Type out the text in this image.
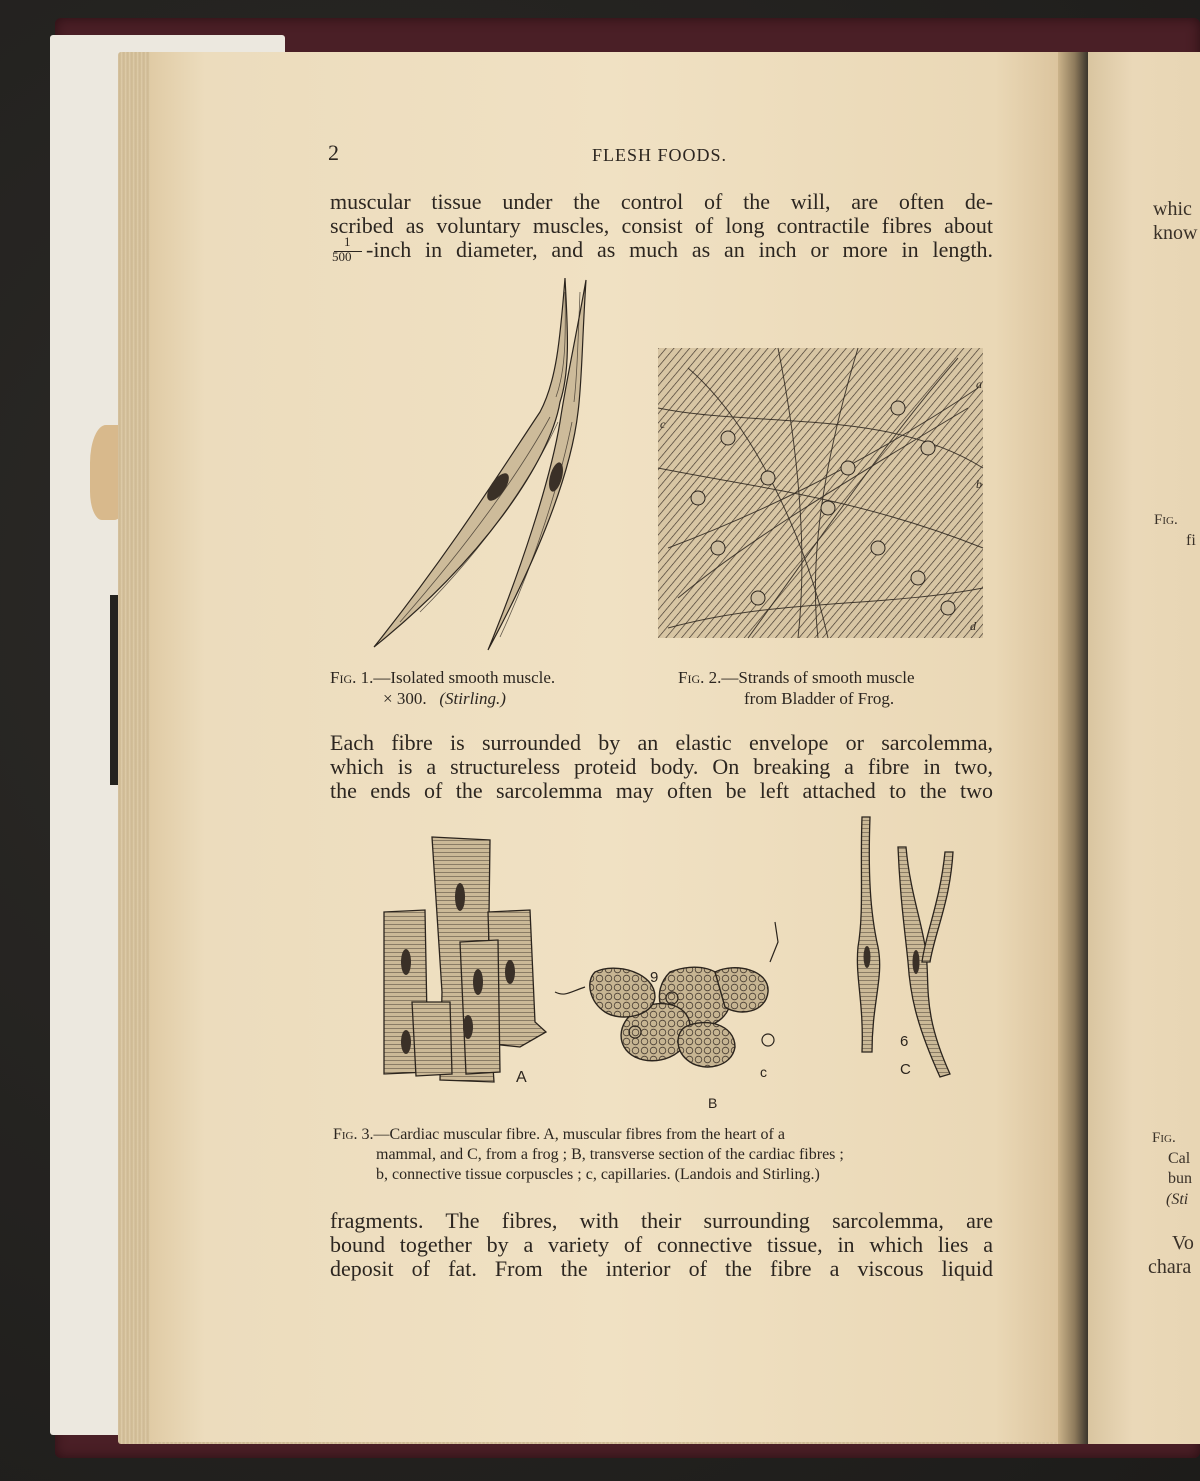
whic
know
Fig.
fi
Fig.
Cal
bun
(Sti
Vo
chara
2	FLESH FOODS.
muscular tissue under the control of the will, are often de-
scribed as voluntary muscles, consist of long contractile fibres about
1
500 -inch in diameter, and as much as an inch or more in length.
a
b
c
d
Fig. 1.—Isolated smooth muscle.
× 300. (Stirling.)
Fig. 2.—Strands of smooth muscle
from Bladder of Frog.
Each fibre is surrounded by an elastic envelope or sarcolemma,
which is a structureless proteid body. On breaking a fibre in two,
the ends of the sarcolemma may often be left attached to the two
A
B
c
9
6
C
Fig. 3.—Cardiac muscular fibre. A, muscular fibres from the heart of a
mammal, and C, from a frog ; B, transverse section of the cardiac fibres ;
b, connective tissue corpuscles ; c, capillaries. (Landois and Stirling.)
fragments. The fibres, with their surrounding sarcolemma, are
bound together by a variety of connective tissue, in which lies a
deposit of fat. From the interior of the fibre a viscous liquid
